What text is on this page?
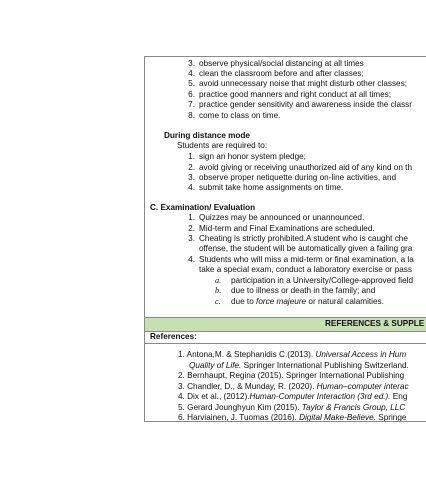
3. observe physical/social distancing at all times
4. clean the classroom before and after classes;
5. avoid unnecessary noise that might disturb other classes;
6. practice good manners and right conduct at all times;
7. practice gender sensitivity and awareness inside the classr
8. come to class on time.
During distance mode
Students are required to:
1. sign an honor system pledge;
2. avoid giving or receiving unauthorized aid of any kind on th
3. observe proper netiquette during on-line activities, and
4. submit take home assignments on time.
C. Examination/ Evaluation
1. Quizzes may be announced or unannounced.
2. Mid-term and Final Examinations are scheduled.
3. Cheating is strictly prohibited.A student who is caught che
offense, the student will be automatically given a failing gra
4. Students who will miss a mid-term or final examination, a la
take a special exam, conduct a laboratory exercise or pass
a. participation in a University/College-approved field
b. due to illness or death in the family; and
c. due to force majeure or natural calamities.
REFERENCES & SUPPLE
References:
1. Antona,M. & Stephanidis C.(2013). Universal Access in Hum
Quality of Life. Springer International Publishing Switzerland.
2. Bernhaupt, Regina (2015). Springer International Publishing
3. Chandler, D., & Munday, R. (2020). Human–computer interac
4. Dix et al., (2012).Human-Computer Interaction (3rd ed.). Eng
5. Gerard Jounghyun Kim (2015). Taylor & Francis Group, LLC
6. Harviainen, J. Tuomas (2016). Digital Make-Believe. Springe
